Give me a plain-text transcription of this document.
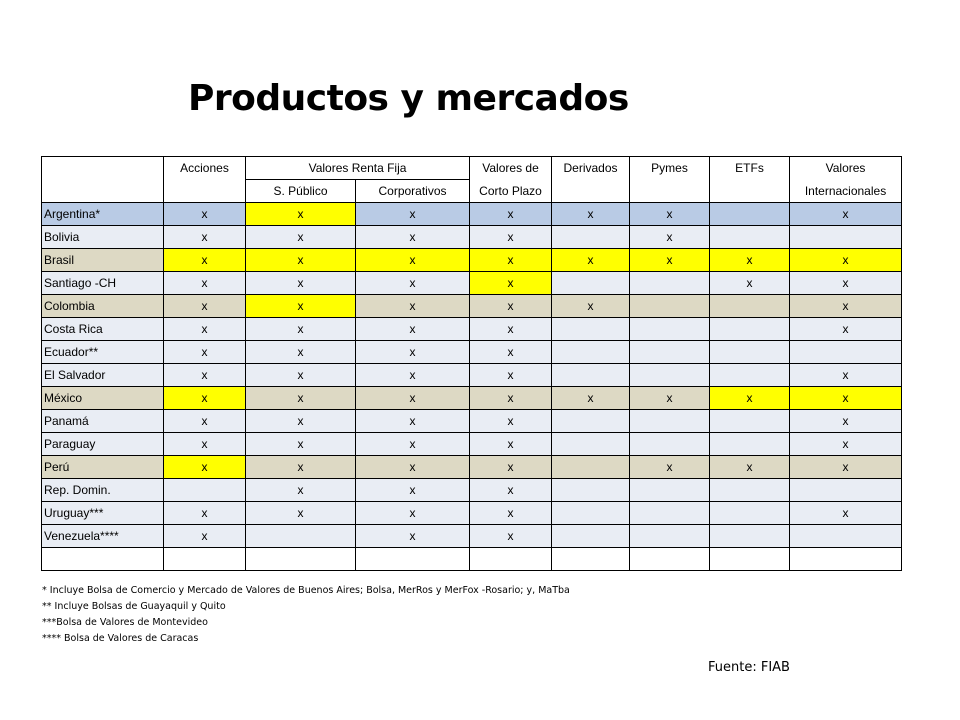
Productos y mercados
	Acciones	Valores Renta Fija		Valores de	Derivados	Pymes	ETFs	Valores
		S. Público	Corporativos	Corto Plazo				Internacionales
Argentina*	x	x	x	x	x	x		x
Bolivia	x	x	x	x		x		
Brasil	x	x	x	x	x	x	x	x
Santiago -CH	x	x	x	x			x	x
Colombia	x	x	x	x	x			x
Costa Rica	x	x	x	x				x
Ecuador**	x	x	x	x				
El Salvador	x	x	x	x				x
México	x	x	x	x	x	x	x	x
Panamá	x	x	x	x				x
Paraguay	x	x	x	x				x
Perú	x	x	x	x		x	x	x
Rep. Domin.		x	x	x				
Uruguay***	x	x	x	x				x
Venezuela****	x		x	x				

* Incluye Bolsa de Comercio y Mercado de Valores de Buenos Aires; Bolsa, MerRos y MerFox -Rosario; y, MaTba
** Incluye Bolsas de Guayaquil y Quito
***Bolsa de Valores de Montevideo
**** Bolsa de Valores de Caracas
Fuente: FIAB
